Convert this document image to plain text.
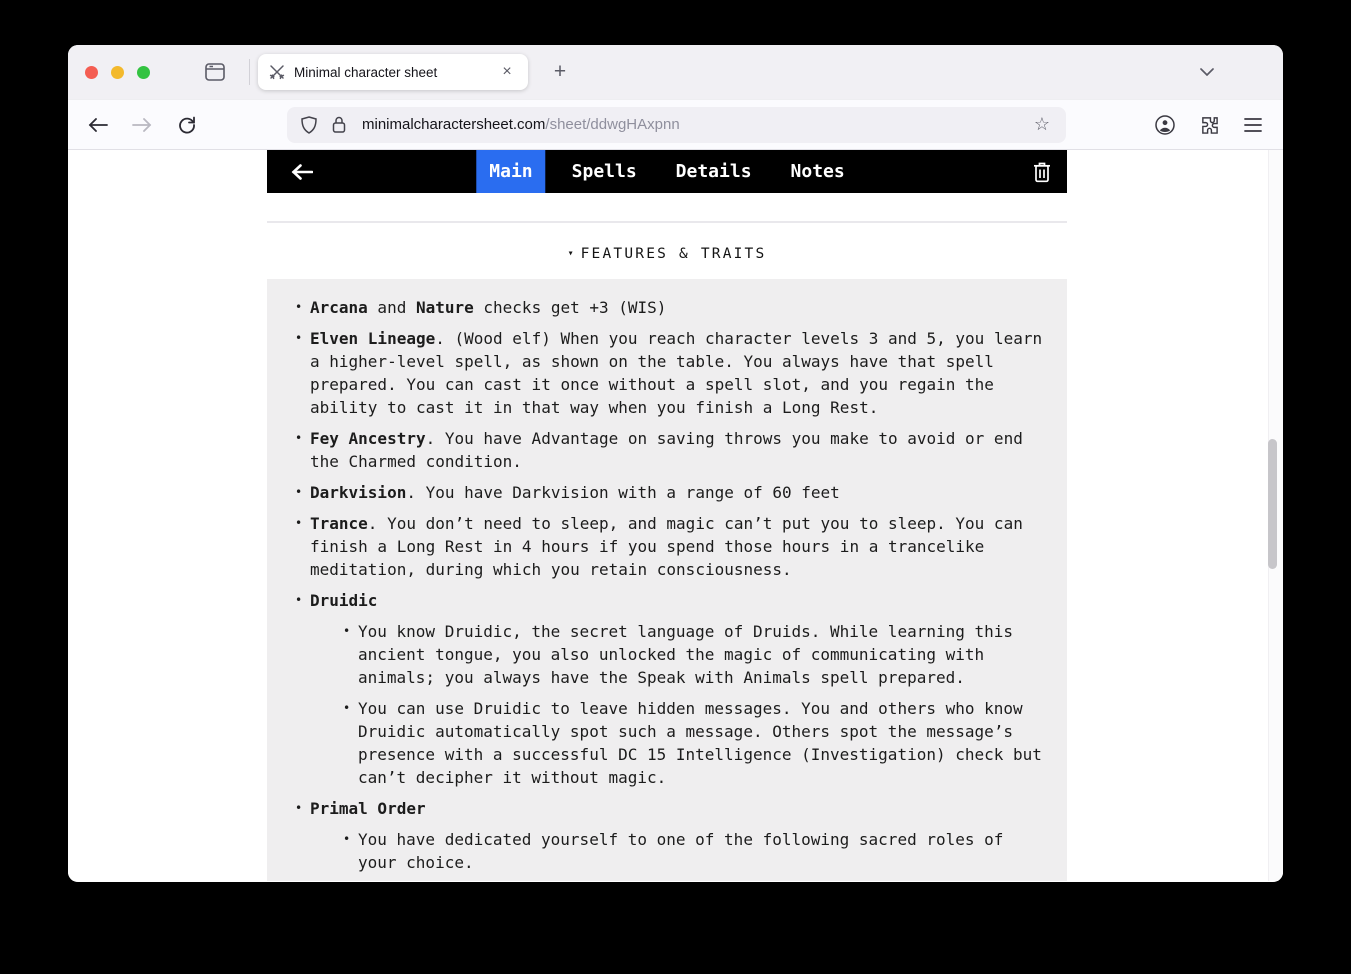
Minimal character sheet	×	+
minimalcharactersheet.com/sheet/ddwgHAxpnn	☆
Main	Spells	Details	Notes
▾ FEATURES & TRAITS
• Arcana and Nature checks get +3 (WIS)
• Elven Lineage. (Wood elf) When you reach character levels 3 and 5, you learn a higher-level spell, as shown on the table. You always have that spell prepared. You can cast it once without a spell slot, and you regain the ability to cast it in that way when you finish a Long Rest.
• Fey Ancestry. You have Advantage on saving throws you make to avoid or end the Charmed condition.
• Darkvision. You have Darkvision with a range of 60 feet
• Trance. You don’t need to sleep, and magic can’t put you to sleep. You can finish a Long Rest in 4 hours if you spend those hours in a trancelike meditation, during which you retain consciousness.
• Druidic
• You know Druidic, the secret language of Druids. While learning this ancient tongue, you also unlocked the magic of communicating with animals; you always have the Speak with Animals spell prepared.
• You can use Druidic to leave hidden messages. You and others who know Druidic automatically spot such a message. Others spot the message’s presence with a successful DC 15 Intelligence (Investigation) check but can’t decipher it without magic.
• Primal Order
• You have dedicated yourself to one of the following sacred roles of your choice.
